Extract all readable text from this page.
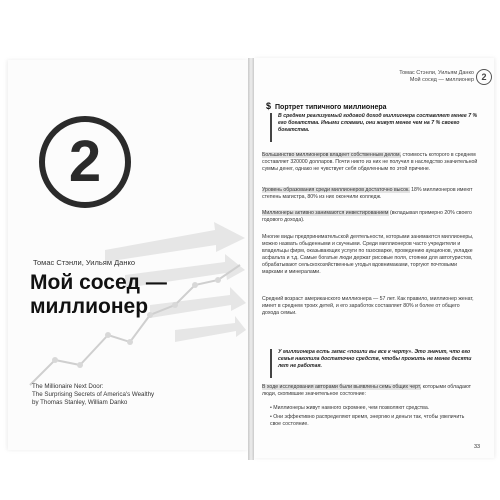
2
Томас Стэнли, Уильям Данко
Мой сосед —
миллионер
The Millionaire Next Door:
The Surprising Secrets of America's Wealthy
by Thomas Stanley, William Danko
Томас Стэнли, Уильям Данко
Мой сосед — миллионер 2
$ Портрет типичного миллионера
В среднем реализуемый годовой доход миллионера составляет менее 7 % его богатства. Иными словами, они живут менее чем на 7 % своего богатства.
Большинство миллионеров владеет собственным делом, стоимость которого в среднем составляет 320000 долларов. Почти никто из них не получил в наследство значительной суммы денег, однако не чувствует себя обделенным по этой причине.
Уровень образования среди миллионеров достаточно высок. 18% миллионеров имеют степень магистра, 80% из них окончили колледж.
Миллионеры активно занимаются инвестированием (вкладывая примерно 20% своего годового дохода).
Многие виды предпринимательской деятельности, которыми занимаются миллионеры, можно назвать обыденными и скучными. Среди миллионеров часто учредители и владельцы фирм, оказывающих услуги по газосварке, проведению аукционов, укладке асфальта и т.д. Самые богатые люди держат рисовые поля, стоянки для автотуристов, обрабатывают сельскохозяйственные угодья вдовнимаками, торгуют почтовыми марками и минералами.
Средний возраст американского миллионера — 57 лет. Как правило, миллионер женат, имеет в среднем троих детей, и его заработок составляет 80% и более от общего дохода семьи.
У миллионера есть запас «пошли вы все к черту». Это значит, что его семья накопила достаточно средств, чтобы прожить не менее десяти лет не работая.
В ходе исследования авторами были выявлены семь общих черт, которыми обладают люди, скопившие значительное состояние:
• Миллионеры живут намного скромнее, чем позволяют средства.
• Они эффективно распределяют время, энергию и деньги так, чтобы увеличить свое состояние.
33
